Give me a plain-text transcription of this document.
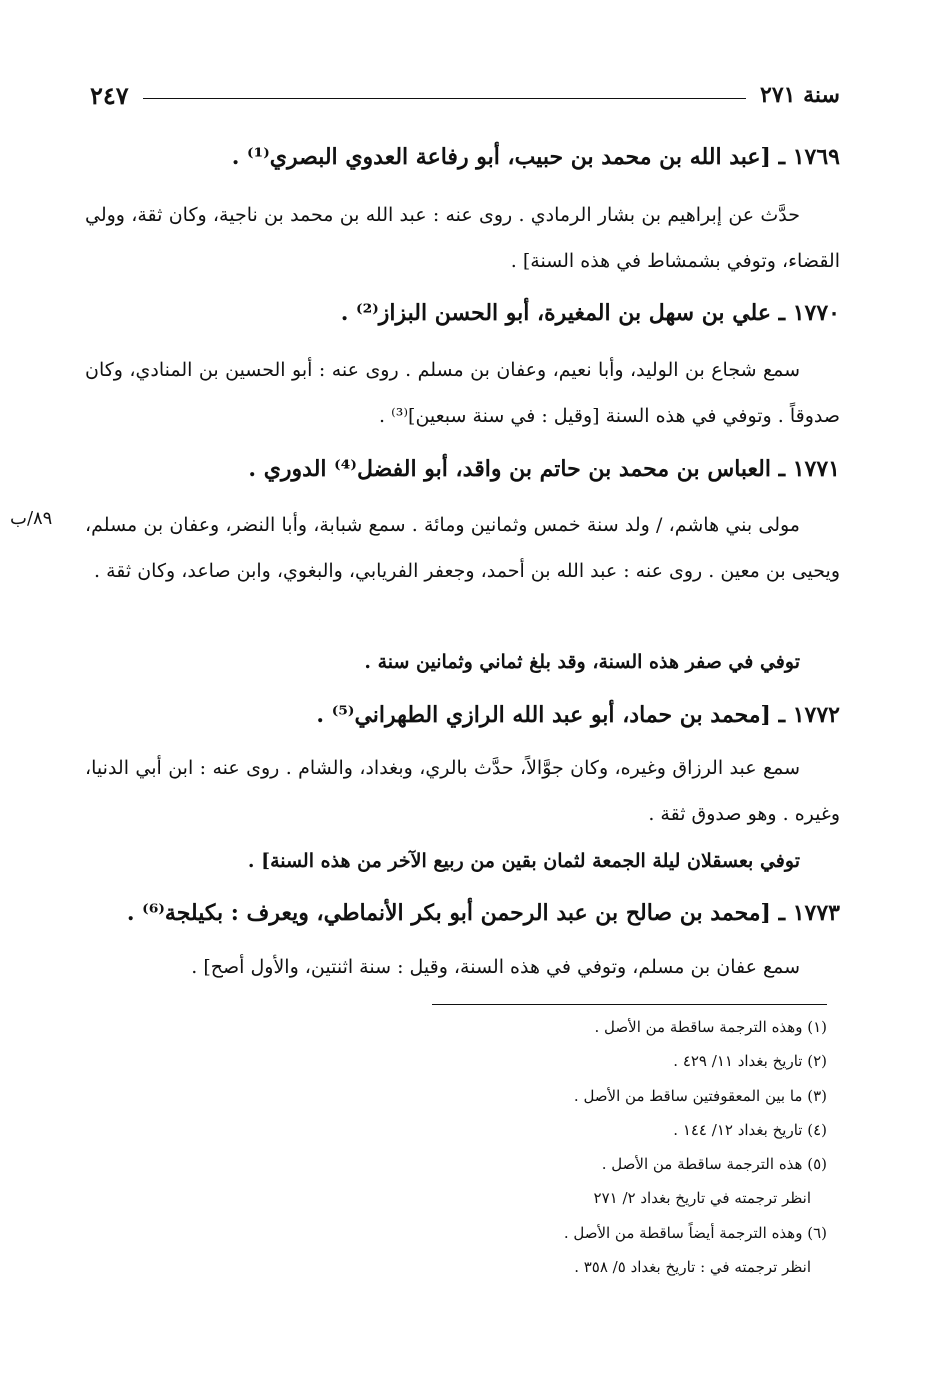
سنة ٢٧١
٢٤٧
١٧٦٩ ـ [عبد الله بن محمد بن حبيب، أبو رفاعة العدوي البصري⁽¹⁾ .
حدَّث عن إبراهيم بن بشار الرمادي . روى عنه : عبد الله بن محمد بن ناجية، وكان ثقة، وولي القضاء، وتوفي بشمشاط في هذه السنة] .
١٧٧٠ ـ علي بن سهل بن المغيرة، أبو الحسن البزاز⁽²⁾ .
سمع شجاع بن الوليد، وأبا نعيم، وعفان بن مسلم . روى عنه : أبو الحسين بن المنادي، وكان صدوقاً . وتوفي في هذه السنة [وقيل : في سنة سبعين]⁽³⁾ .
١٧٧١ ـ العباس بن محمد بن حاتم بن واقد، أبو الفضل⁽⁴⁾ الدوري .
مولى بني هاشم، / ولد سنة خمس وثمانين ومائة . سمع شبابة، وأبا النضر، وعفان بن مسلم، ويحيى بن معين . روى عنه : عبد الله بن أحمد، وجعفر الفريابي، والبغوي، وابن صاعد، وكان ثقة .
توفي في صفر هذه السنة، وقد بلغ ثماني وثمانين سنة .
٨٩/ب
١٧٧٢ ـ [محمد بن حماد، أبو عبد الله الرازي الطهراني⁽⁵⁾ .
سمع عبد الرزاق وغيره، وكان جوَّالاً، حدَّث بالري، وبغداد، والشام . روى عنه : ابن أبي الدنيا، وغيره . وهو صدوق ثقة .
توفي بعسقلان ليلة الجمعة لثمان بقين من ربيع الآخر من هذه السنة] .
١٧٧٣ ـ [محمد بن صالح بن عبد الرحمن أبو بكر الأنماطي، ويعرف : بكيلجة⁽⁶⁾ .
سمع عفان بن مسلم، وتوفي في هذه السنة، وقيل : سنة اثنتين، والأول أصح] .
(١) وهذه الترجمة ساقطة من الأصل .
(٢) تاريخ بغداد ١١/ ٤٢٩ .
(٣) ما بين المعقوفتين ساقط من الأصل .
(٤) تاريخ بغداد ١٢/ ١٤٤ .
(٥) هذه الترجمة ساقطة من الأصل .
انظر ترجمته في تاريخ بغداد ٢/ ٢٧١
(٦) وهذه الترجمة أيضاً ساقطة من الأصل .
انظر ترجمته في : تاريخ بغداد ٥/ ٣٥٨ .
